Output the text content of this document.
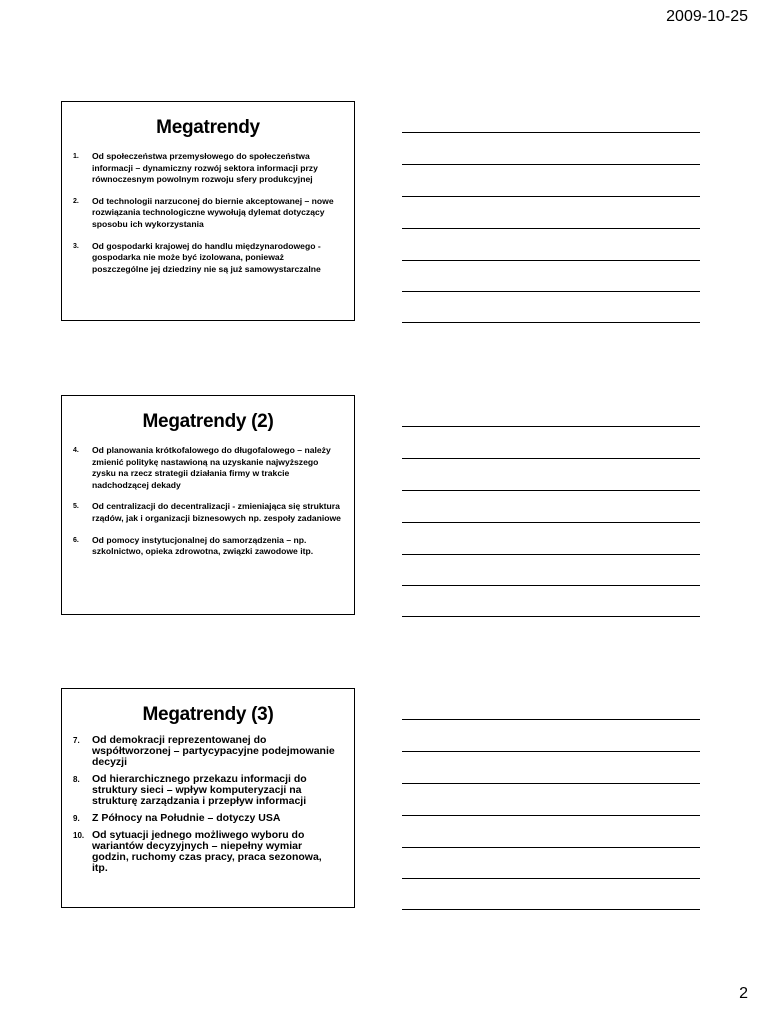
2009-10-25
Megatrendy
1.	Od społeczeństwa przemysłowego do społeczeństwa informacji – dynamiczny rozwój sektora informacji przy równoczesnym powolnym rozwoju sfery produkcyjnej
2.	Od technologii narzuconej do biernie akceptowanej – nowe rozwiązania technologiczne wywołują dylemat dotyczący sposobu ich wykorzystania
3.	Od gospodarki krajowej do handlu międzynarodowego - gospodarka nie może być izolowana, ponieważ poszczególne jej dziedziny nie są już samowystarczalne
Megatrendy (2)
4.	Od planowania krótkofalowego do długofalowego – należy zmienić politykę nastawioną na uzyskanie najwyższego zysku na rzecz strategii działania firmy w trakcie nadchodzącej dekady
5.	Od centralizacji do decentralizacji - zmieniająca się struktura rządów, jak i organizacji biznesowych np. zespoły zadaniowe
6.	Od pomocy instytucjonalnej do samorządzenia – np. szkolnictwo, opieka zdrowotna, związki zawodowe itp.
Megatrendy (3)
7.	Od demokracji reprezentowanej do współtworzonej – partycypacyjne podejmowanie decyzji
8.	Od hierarchicznego przekazu informacji do struktury sieci – wpływ komputeryzacji na strukturę zarządzania i przepływ informacji
9.	Z Północy na Południe – dotyczy USA
10. Od sytuacji jednego możliwego wyboru do wariantów decyzyjnych – niepełny wymiar godzin, ruchomy czas pracy, praca sezonowa, itp.
2
